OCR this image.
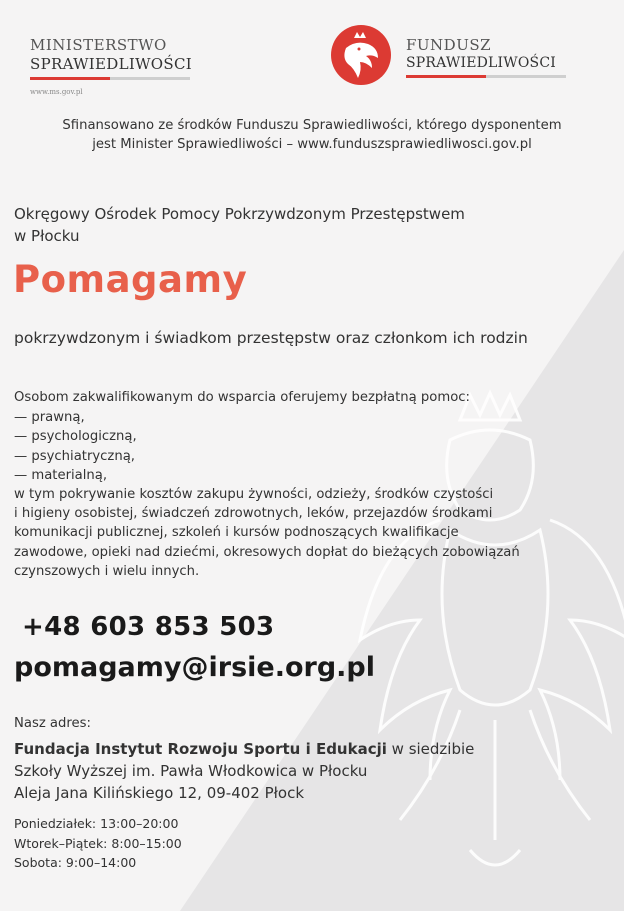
MINISTERSTWO
SPRAWIEDLIWOŚCI
www.ms.gov.pl
FUNDUSZ
SPRAWIEDLIWOŚCI
Sfinansowano ze środków Funduszu Sprawiedliwości, którego dysponentem
jest Minister Sprawiedliwości – www.funduszsprawiedliwosci.gov.pl
Okręgowy Ośrodek Pomocy Pokrzywdzonym Przestępstwem
w Płocku
Pomagamy
pokrzywdzonym i świadkom przestępstw oraz członkom ich rodzin
Osobom zakwalifikowanym do wsparcia oferujemy bezpłatną pomoc:
— prawną,
— psychologiczną,
— psychiatryczną,
— materialną,
w tym pokrywanie kosztów zakupu żywności, odzieży, środków czystości
i higieny osobistej, świadczeń zdrowotnych, leków, przejazdów środkami
komunikacji publicznej, szkoleń i kursów podnoszących kwalifikacje
zawodowe, opieki nad dziećmi, okresowych dopłat do bieżących zobowiązań
czynszowych i wielu innych.
+48 603 853 503
pomagamy@irsie.org.pl
Nasz adres:
Fundacja Instytut Rozwoju Sportu i Edukacji w siedzibie
Szkoły Wyższej im. Pawła Włodkowica w Płocku
Aleja Jana Kilińskiego 12, 09-402 Płock
Poniedziałek: 13:00–20:00
Wtorek–Piątek: 8:00–15:00
Sobota: 9:00–14:00
